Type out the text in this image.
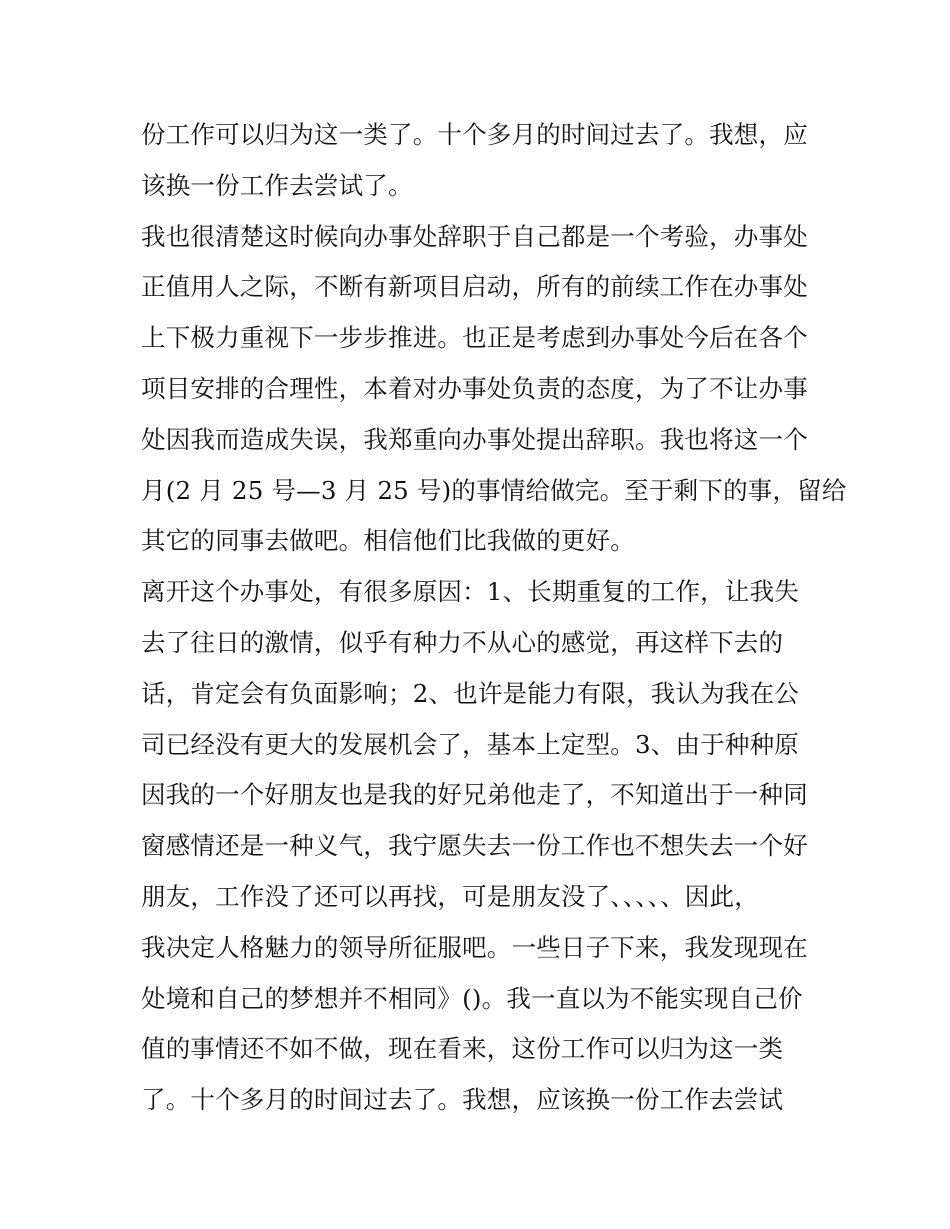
份工作可以归为这一类了。十个多月的时间过去了。我想，应
该换一份工作去尝试了。
我也很清楚这时候向办事处辞职于自己都是一个考验，办事处
正值用人之际，不断有新项目启动，所有的前续工作在办事处
上下极力重视下一步步推进。也正是考虑到办事处今后在各个
项目安排的合理性，本着对办事处负责的态度，为了不让办事
处因我而造成失误，我郑重向办事处提出辞职。我也将这一个
月(2 月 25 号—3 月 25 号)的事情给做完。至于剩下的事，留给
其它的同事去做吧。相信他们比我做的更好。
离开这个办事处，有很多原因：1、长期重复的工作，让我失
去了往日的激情，似乎有种力不从心的感觉，再这样下去的
话，肯定会有负面影响；2、也许是能力有限，我认为我在公
司已经没有更大的发展机会了，基本上定型。3、由于种种原
因我的一个好朋友也是我的好兄弟他走了，不知道出于一种同
窗感情还是一种义气，我宁愿失去一份工作也不想失去一个好
朋友，工作没了还可以再找，可是朋友没了、、、、、因此，
我决定人格魅力的领导所征服吧。一些日子下来，我发现现在
处境和自己的梦想并不相同》()。我一直以为不能实现自己价
值的事情还不如不做，现在看来，这份工作可以归为这一类
了。十个多月的时间过去了。我想，应该换一份工作去尝试
